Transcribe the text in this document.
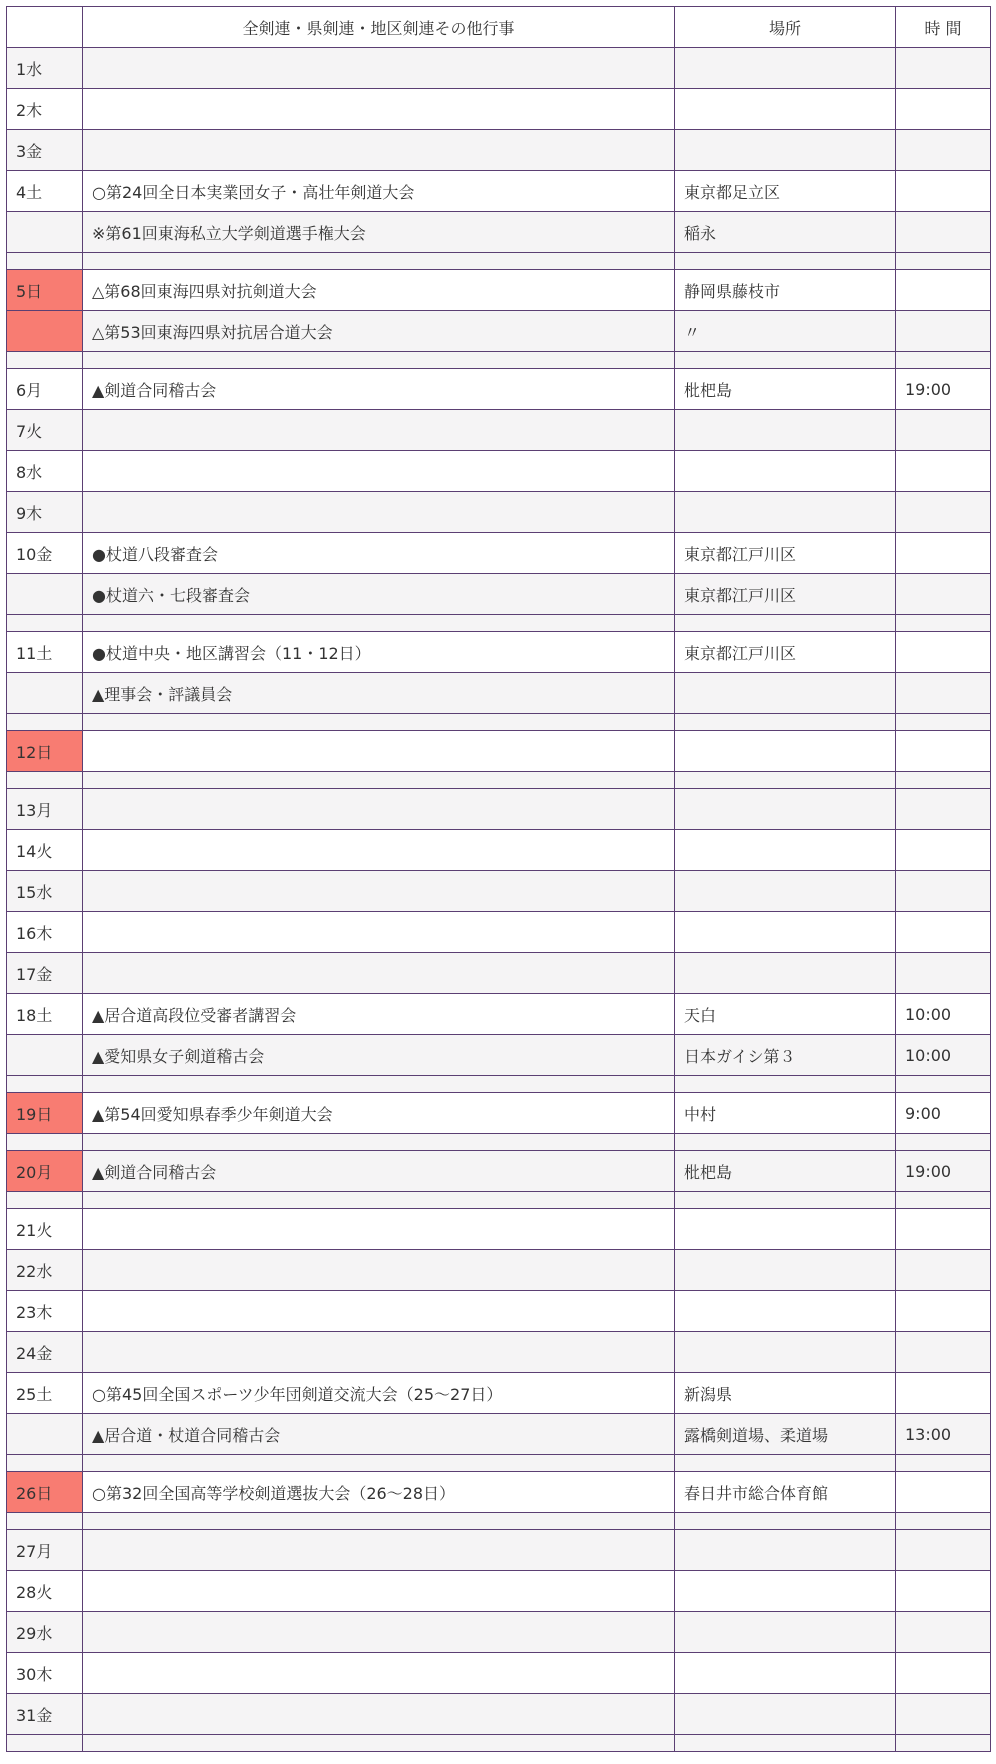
	全剣連・県剣連・地区剣連その他行事	場所	時 間
1水			
2木			
3金			
4土	○第24回全日本実業団女子・高壮年剣道大会	東京都足立区	
	※第61回東海私立大学剣道選手権大会	稲永	

5日	△第68回東海四県対抗剣道大会	静岡県藤枝市	
	△第53回東海四県対抗居合道大会	〃	

6月	▲剣道合同稽古会	枇杷島	19:00
7火			
8水			
9木			
10金	●杖道八段審査会	東京都江戸川区	
	●杖道六・七段審査会	東京都江戸川区	

11土	●杖道中央・地区講習会（11・12日）	東京都江戸川区	
	▲理事会・評議員会		

12日			

13月			
14火			
15水			
16木			
17金			
18土	▲居合道高段位受審者講習会	天白	10:00
	▲愛知県女子剣道稽古会	日本ガイシ第３	10:00

19日	▲第54回愛知県春季少年剣道大会	中村	9:00

20月	▲剣道合同稽古会	枇杷島	19:00

21火			
22水			
23木			
24金			
25土	○第45回全国スポーツ少年団剣道交流大会（25～27日）	新潟県	
	▲居合道・杖道合同稽古会	露橋剣道場、柔道場	13:00

26日	○第32回全国高等学校剣道選抜大会（26～28日）	春日井市総合体育館	

27月			
28火			
29水			
30木			
31金			
